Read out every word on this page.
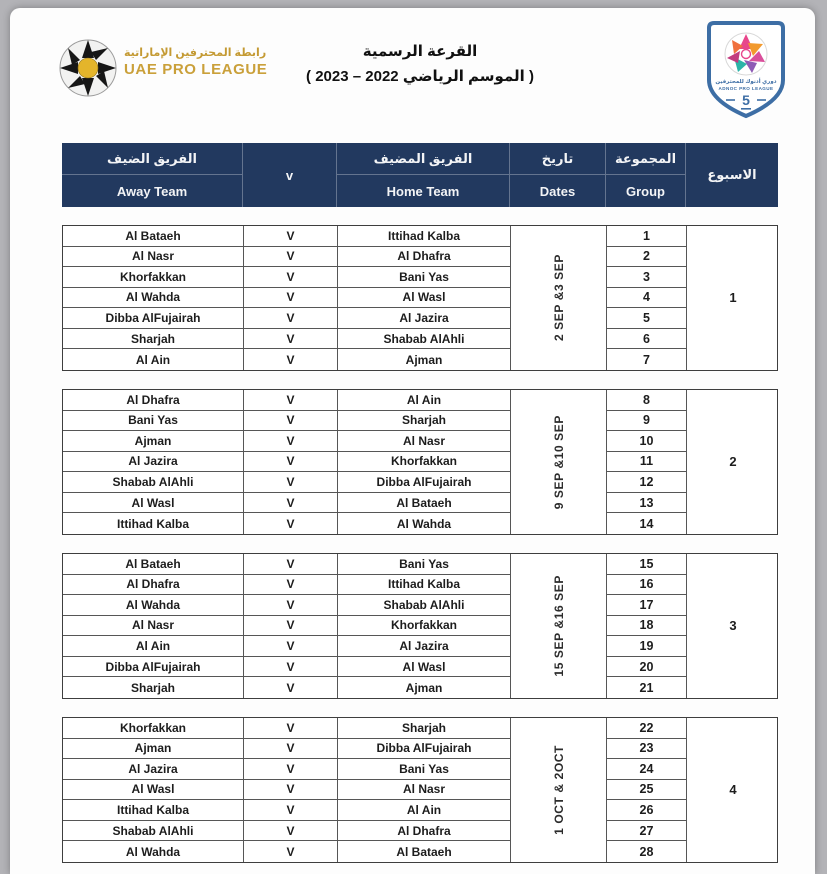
رابطة المحترفين الإماراتية
UAE PRO LEAGUE
القرعة الرسمية
( الموسم الرياضي 2022 – 2023 )	دوري أدنوك للمحترفين
ADNOC PRO LEAGUE
5
الفريق الضيف
v
الفريق المضيف	تاريخ	المجموعة
الاسبوع
Away Team	Home Team	Dates	Group
Al Bataeh	V	Ittihad Kalba	1
Al Nasr	V	Al Dhafra	2
Khorfakkan	V	Bani Yas	3
Al Wahda	V	Al Wasl	4
Dibba AlFujairah	V	Al Jazira	5
Sharjah	V	Shabab AlAhli	6
Al Ain	V	Ajman	7
2 SEP &3 SEP	1
Al Dhafra	V	Al Ain	8
Bani Yas	V	Sharjah	9
Ajman	V	Al Nasr	10
Al Jazira	V	Khorfakkan	11
Shabab AlAhli	V	Dibba AlFujairah	12
Al Wasl	V	Al Bataeh	13
Ittihad Kalba	V	Al Wahda	14
9 SEP &10 SEP	2
Al Bataeh	V	Bani Yas	15
Al Dhafra	V	Ittihad Kalba	16
Al Wahda	V	Shabab AlAhli	17
Al Nasr	V	Khorfakkan	18
Al Ain	V	Al Jazira	19
Dibba AlFujairah	V	Al Wasl	20
Sharjah	V	Ajman	21
15 SEP &16 SEP	3
Khorfakkan	V	Sharjah	22
Ajman	V	Dibba AlFujairah	23
Al Jazira	V	Bani Yas	24
Al Wasl	V	Al Nasr	25
Ittihad Kalba	V	Al Ain	26
Shabab AlAhli	V	Al Dhafra	27
Al Wahda	V	Al Bataeh	28
1 OCT & 2OCT	4
